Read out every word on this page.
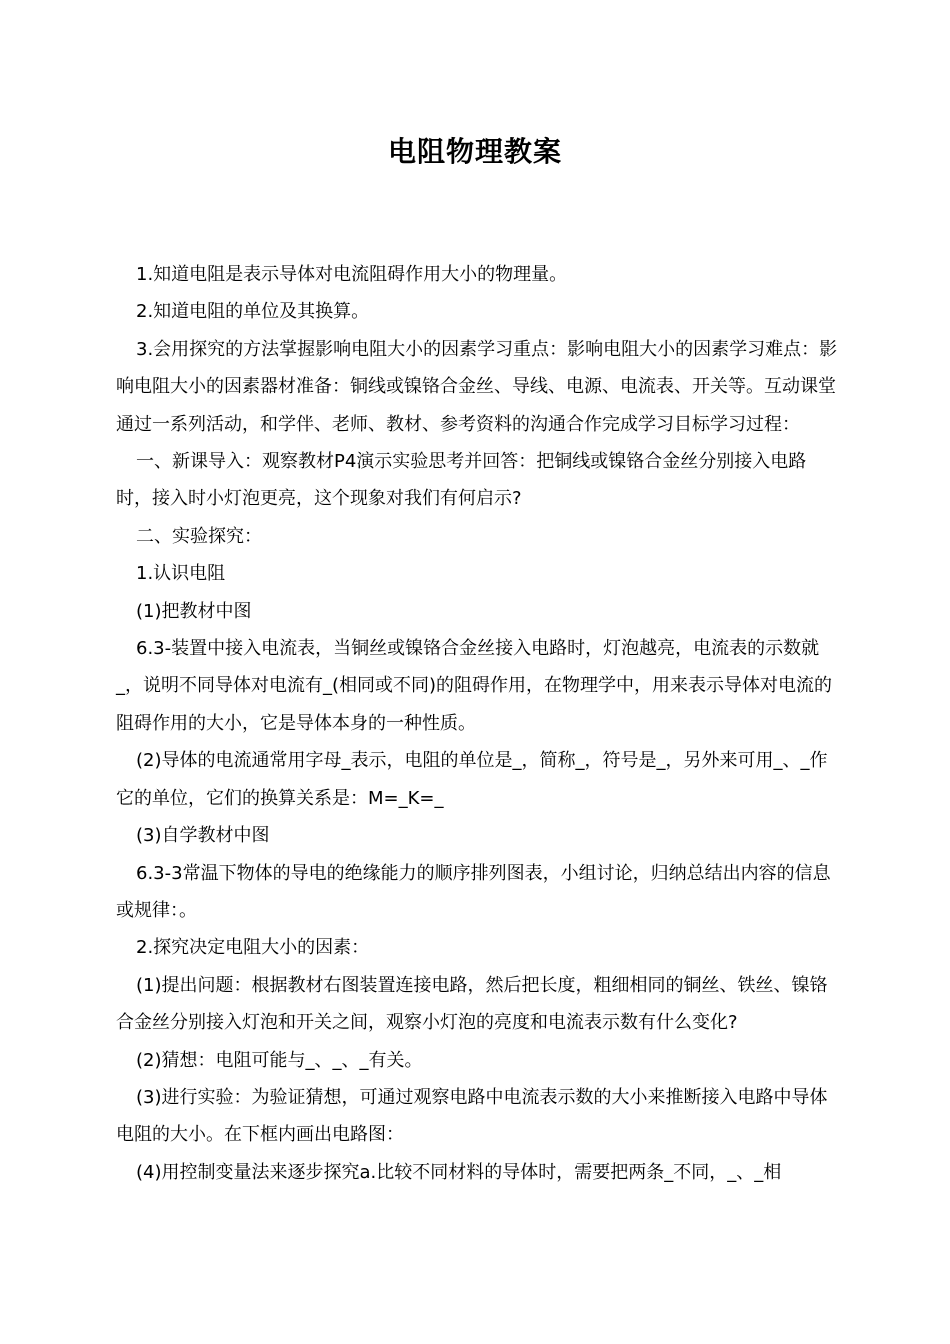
电阻物理教案

1.知道电阻是表示导体对电流阻碍作用大小的物理量。

2.知道电阻的单位及其换算。

3.会用探究的方法掌握影响电阻大小的因素学习重点：影响电阻大小的因素学习难点：影响电阻大小的因素器材准备：铜线或镍铬合金丝、导线、电源、电流表、开关等。互动课堂通过一系列活动，和学伴、老师、教材、参考资料的沟通合作完成学习目标学习过程：

一、新课导入：观察教材P4演示实验思考并回答：把铜线或镍铬合金丝分别接入电路时，接入时小灯泡更亮，这个现象对我们有何启示?

二、实验探究：

1.认识电阻

(1)把教材中图

6.3-装置中接入电流表，当铜丝或镍铬合金丝接入电路时，灯泡越亮，电流表的示数就_，说明不同导体对电流有_(相同或不同)的阻碍作用，在物理学中，用来表示导体对电流的阻碍作用的大小，它是导体本身的一种性质。

(2)导体的电流通常用字母_表示，电阻的单位是_，简称_，符号是_，另外来可用_、_作它的单位，它们的换算关系是：M=_K=_

(3)自学教材中图

6.3-3常温下物体的导电的绝缘能力的顺序排列图表，小组讨论，归纳总结出内容的信息或规律：。

2.探究决定电阻大小的因素：

(1)提出问题：根据教材右图装置连接电路，然后把长度，粗细相同的铜丝、铁丝、镍铬合金丝分别接入灯泡和开关之间，观察小灯泡的亮度和电流表示数有什么变化?

(2)猜想：电阻可能与_、_、_有关。

(3)进行实验：为验证猜想，可通过观察电路中电流表示数的大小来推断接入电路中导体电阻的大小。在下框内画出电路图：

(4)用控制变量法来逐步探究a.比较不同材料的导体时，需要把两条_不同，_、_相
